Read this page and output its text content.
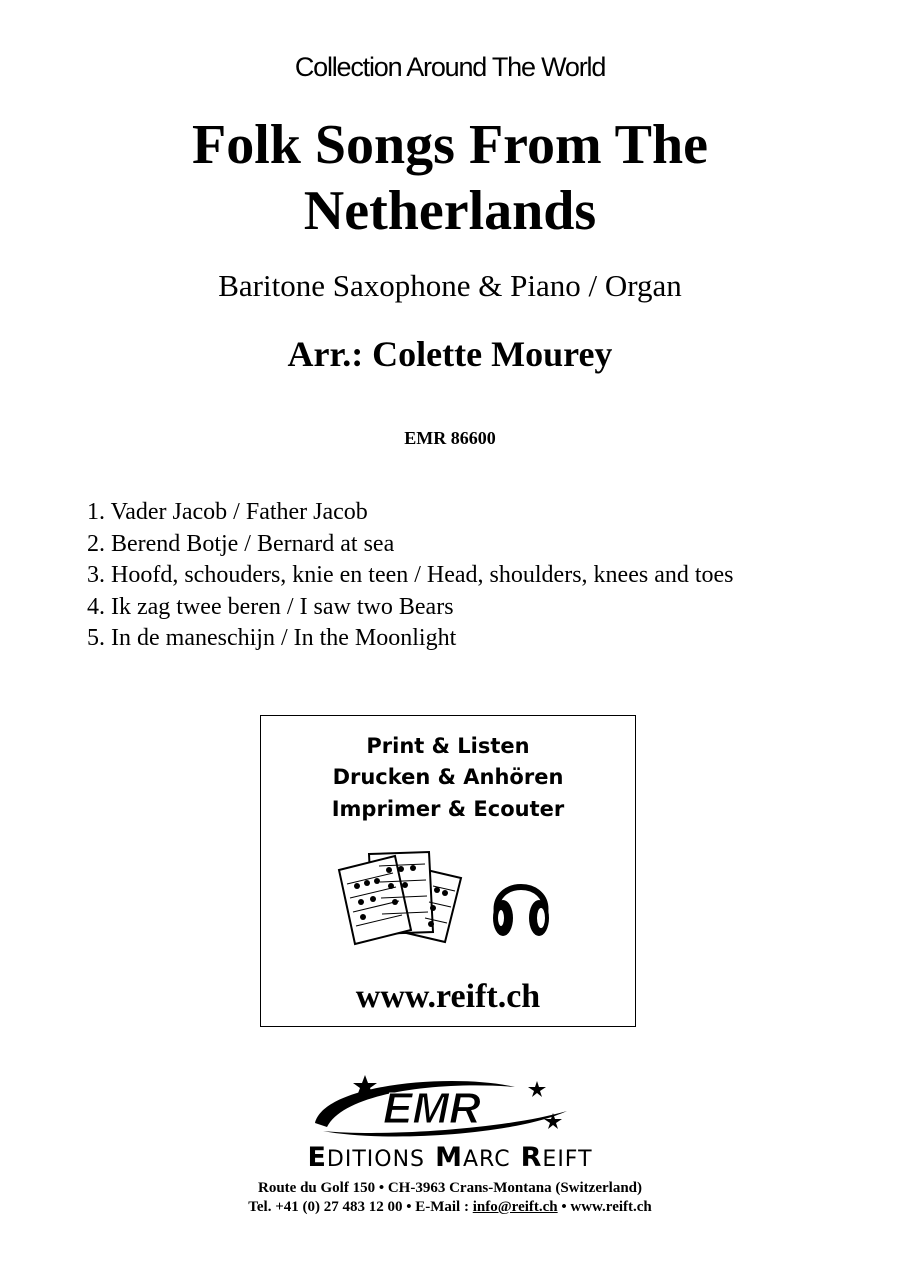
Collection Around The World
Folk Songs From The
Netherlands
Baritone Saxophone & Piano / Organ
Arr.: Colette Mourey
EMR 86600
1. Vader Jacob / Father Jacob
2. Berend Botje / Bernard at sea
3. Hoofd, schouders, knie en teen / Head, shoulders, knees and toes
4. Ik zag twee beren / I saw two Bears
5. In de maneschijn / In the Moonlight
Print & Listen
Drucken & Anhören
Imprimer & Ecouter
www.reift.ch
EMR
EDITIONS MARC REIFT
Route du Golf 150 • CH-3963 Crans-Montana (Switzerland)
Tel. +41 (0) 27 483 12 00 • E-Mail : info@reift.ch • www.reift.ch
